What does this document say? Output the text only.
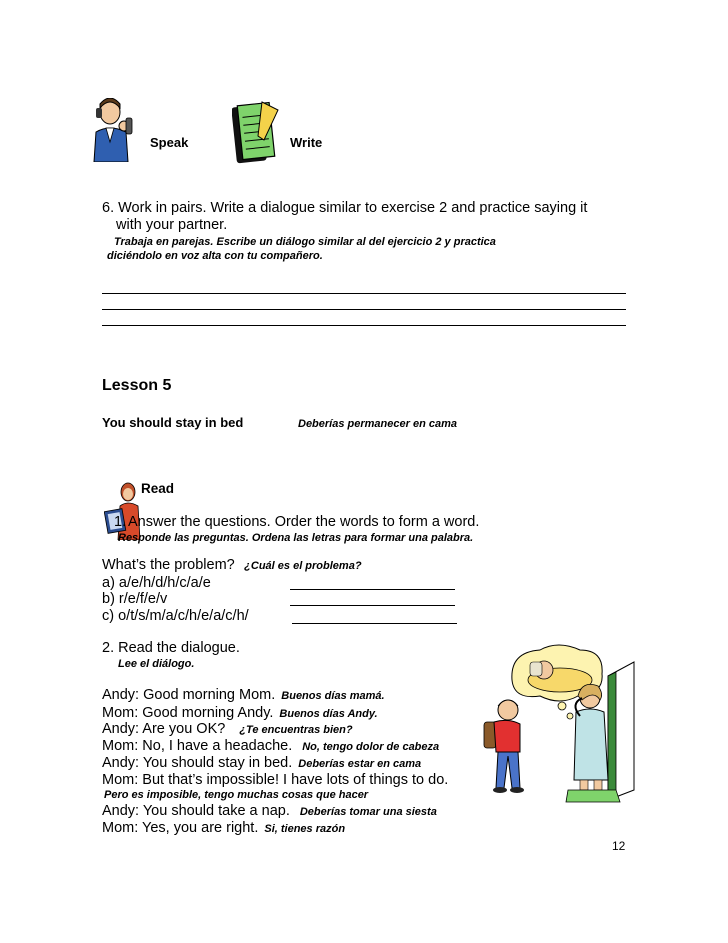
Speak	Write
6. Work in pairs. Write a dialogue similar to exercise 2 and practice saying it
with your partner.
Trabaja en parejas. Escribe un diálogo similar al del ejercicio 2 y practica
diciéndolo en voz alta con tu compañero.
Lesson 5
You should stay in bed	Deberías permanecer en cama
Read
1. Answer the questions. Order the words to form a word.
Responde las preguntas. Ordena las letras para formar una palabra.
What’s the problem? ¿Cuál es el problema?
a) a/e/h/d/h/c/a/e
b) r/e/f/e/v
c) o/t/s/m/a/c/h/e/a/c/h/
2. Read the dialogue.
Lee el diálogo.
Andy: Good morning Mom. Buenos días mamá.
Mom: Good morning Andy. Buenos días Andy.
Andy: Are you OK? ¿Te encuentras bien?
Mom: No, I have a headache. No, tengo dolor de cabeza
Andy: You should stay in bed. Deberías estar en cama
Mom: But that’s impossible! I have lots of things to do.
Pero es imposible, tengo muchas cosas que hacer
Andy: You should take a nap. Deberías tomar una siesta
Mom: Yes, you are right. Si, tienes razón
12
